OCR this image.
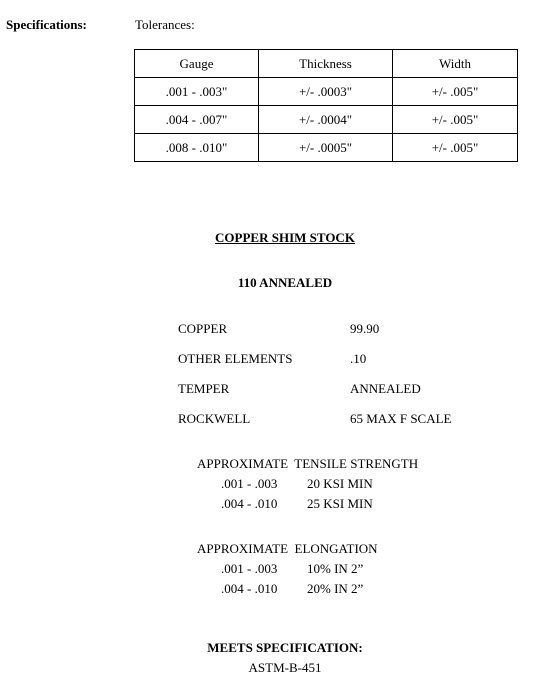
Specifications:	Tolerances:
Gauge	Thickness	Width
.001 - .003"	+/- .0003"	+/- .005"
.004 - .007"	+/- .0004"	+/- .005"
.008 - .010"	+/- .0005"	+/- .005"
COPPER SHIM STOCK
110 ANNEALED
COPPER	99.90
OTHER ELEMENTS	.10
TEMPER	ANNEALED
ROCKWELL	65 MAX F SCALE
APPROXIMATE  TENSILE STRENGTH
.001 - .003 20 KSI MIN
.004 - .010 25 KSI MIN
APPROXIMATE  ELONGATION
.001 - .003 10% IN 2”
.004 - .010 20% IN 2”
MEETS SPECIFICATION:
ASTM-B-451
